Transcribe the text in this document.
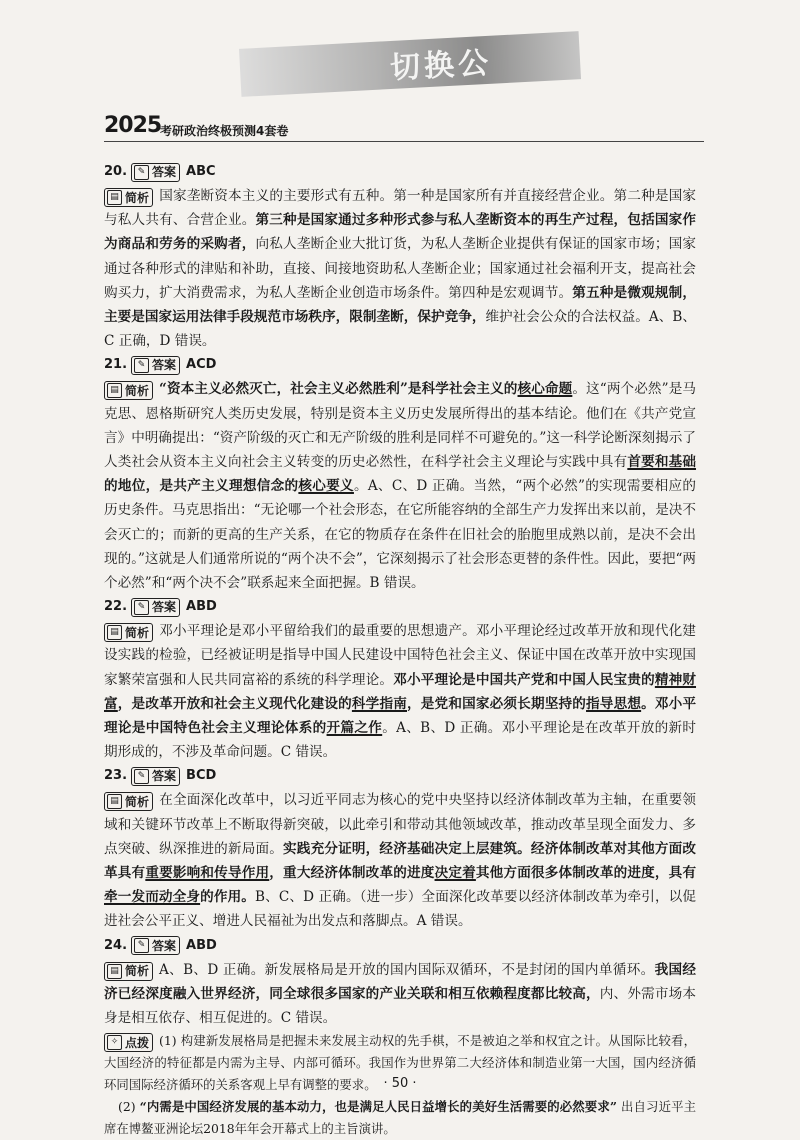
切换公
2025
考研政治终极预测4套卷
20.	✎ 答案 ABC

▤ 简析 国家垄断资本主义的主要形式有五种。第一种是国家所有并直接经营企业。第二种是国家与私人共有、合营企业。第三种是国家通过多种形式参与私人垄断资本的再生产过程，包括国家作为商品和劳务的采购者，向私人垄断企业大批订货，为私人垄断企业提供有保证的国家市场；国家通过各种形式的津贴和补助，直接、间接地资助私人垄断企业；国家通过社会福利开支，提高社会购买力，扩大消费需求，为私人垄断企业创造市场条件。第四种是宏观调节。第五种是微观规制，主要是国家运用法律手段规范市场秩序，限制垄断，保护竞争，维护社会公众的合法权益。A、B、C 正确，D 错误。

21.	✎ 答案 ACD

▤ 简析 “资本主义必然灭亡，社会主义必然胜利”是科学社会主义的核心命题。这“两个必然”是马克思、恩格斯研究人类历史发展，特别是资本主义历史发展所得出的基本结论。他们在《共产党宣言》中明确提出：“资产阶级的灭亡和无产阶级的胜利是同样不可避免的。”这一科学论断深刻揭示了人类社会从资本主义向社会主义转变的历史必然性，在科学社会主义理论与实践中具有首要和基础的地位，是共产主义理想信念的核心要义。A、C、D 正确。当然，“两个必然”的实现需要相应的历史条件。马克思指出：“无论哪一个社会形态，在它所能容纳的全部生产力发挥出来以前，是决不会灭亡的；而新的更高的生产关系，在它的物质存在条件在旧社会的胎胞里成熟以前，是决不会出现的。”这就是人们通常所说的“两个决不会”，它深刻揭示了社会形态更替的条件性。因此，要把“两个必然”和“两个决不会”联系起来全面把握。B 错误。

22.	✎ 答案 ABD

▤ 简析 邓小平理论是邓小平留给我们的最重要的思想遗产。邓小平理论经过改革开放和现代化建设实践的检验，已经被证明是指导中国人民建设中国特色社会主义、保证中国在改革开放中实现国家繁荣富强和人民共同富裕的系统的科学理论。邓小平理论是中国共产党和中国人民宝贵的精神财富，是改革开放和社会主义现代化建设的科学指南，是党和国家必须长期坚持的指导思想。邓小平理论是中国特色社会主义理论体系的开篇之作。A、B、D 正确。邓小平理论是在改革开放的新时期形成的，不涉及革命问题。C 错误。

23.	✎ 答案 BCD

▤ 简析 在全面深化改革中，以习近平同志为核心的党中央坚持以经济体制改革为主轴，在重要领域和关键环节改革上不断取得新突破，以此牵引和带动其他领域改革，推动改革呈现全面发力、多点突破、纵深推进的新局面。实践充分证明，经济基础决定上层建筑。经济体制改革对其他方面改革具有重要影响和传导作用，重大经济体制改革的进度决定着其他方面很多体制改革的进度，具有牵一发而动全身的作用。B、C、D 正确。（进一步）全面深化改革要以经济体制改革为牵引，以促进社会公平正义、增进人民福祉为出发点和落脚点。A 错误。

24.	✎ 答案 ABD

▤ 简析 A、B、D 正确。新发展格局是开放的国内国际双循环，不是封闭的国内单循环。我国经济已经深度融入世界经济，同全球很多国家的产业关联和相互依赖程度都比较高，内、外需市场本身是相互依存、相互促进的。C 错误。

✧ 点拨 (1) 构建新发展格局是把握未来发展主动权的先手棋，不是被迫之举和权宜之计。从国际比较看，大国经济的特征都是内需为主导、内部可循环。我国作为世界第二大经济体和制造业第一大国，国内经济循环同国际经济循环的关系客观上早有调整的要求。

(2) “内需是中国经济发展的基本动力，也是满足人民日益增长的美好生活需要的必然要求” 出自习近平主席在博鳌亚洲论坛2018年年会开幕式上的主旨演讲。

· 50 ·
